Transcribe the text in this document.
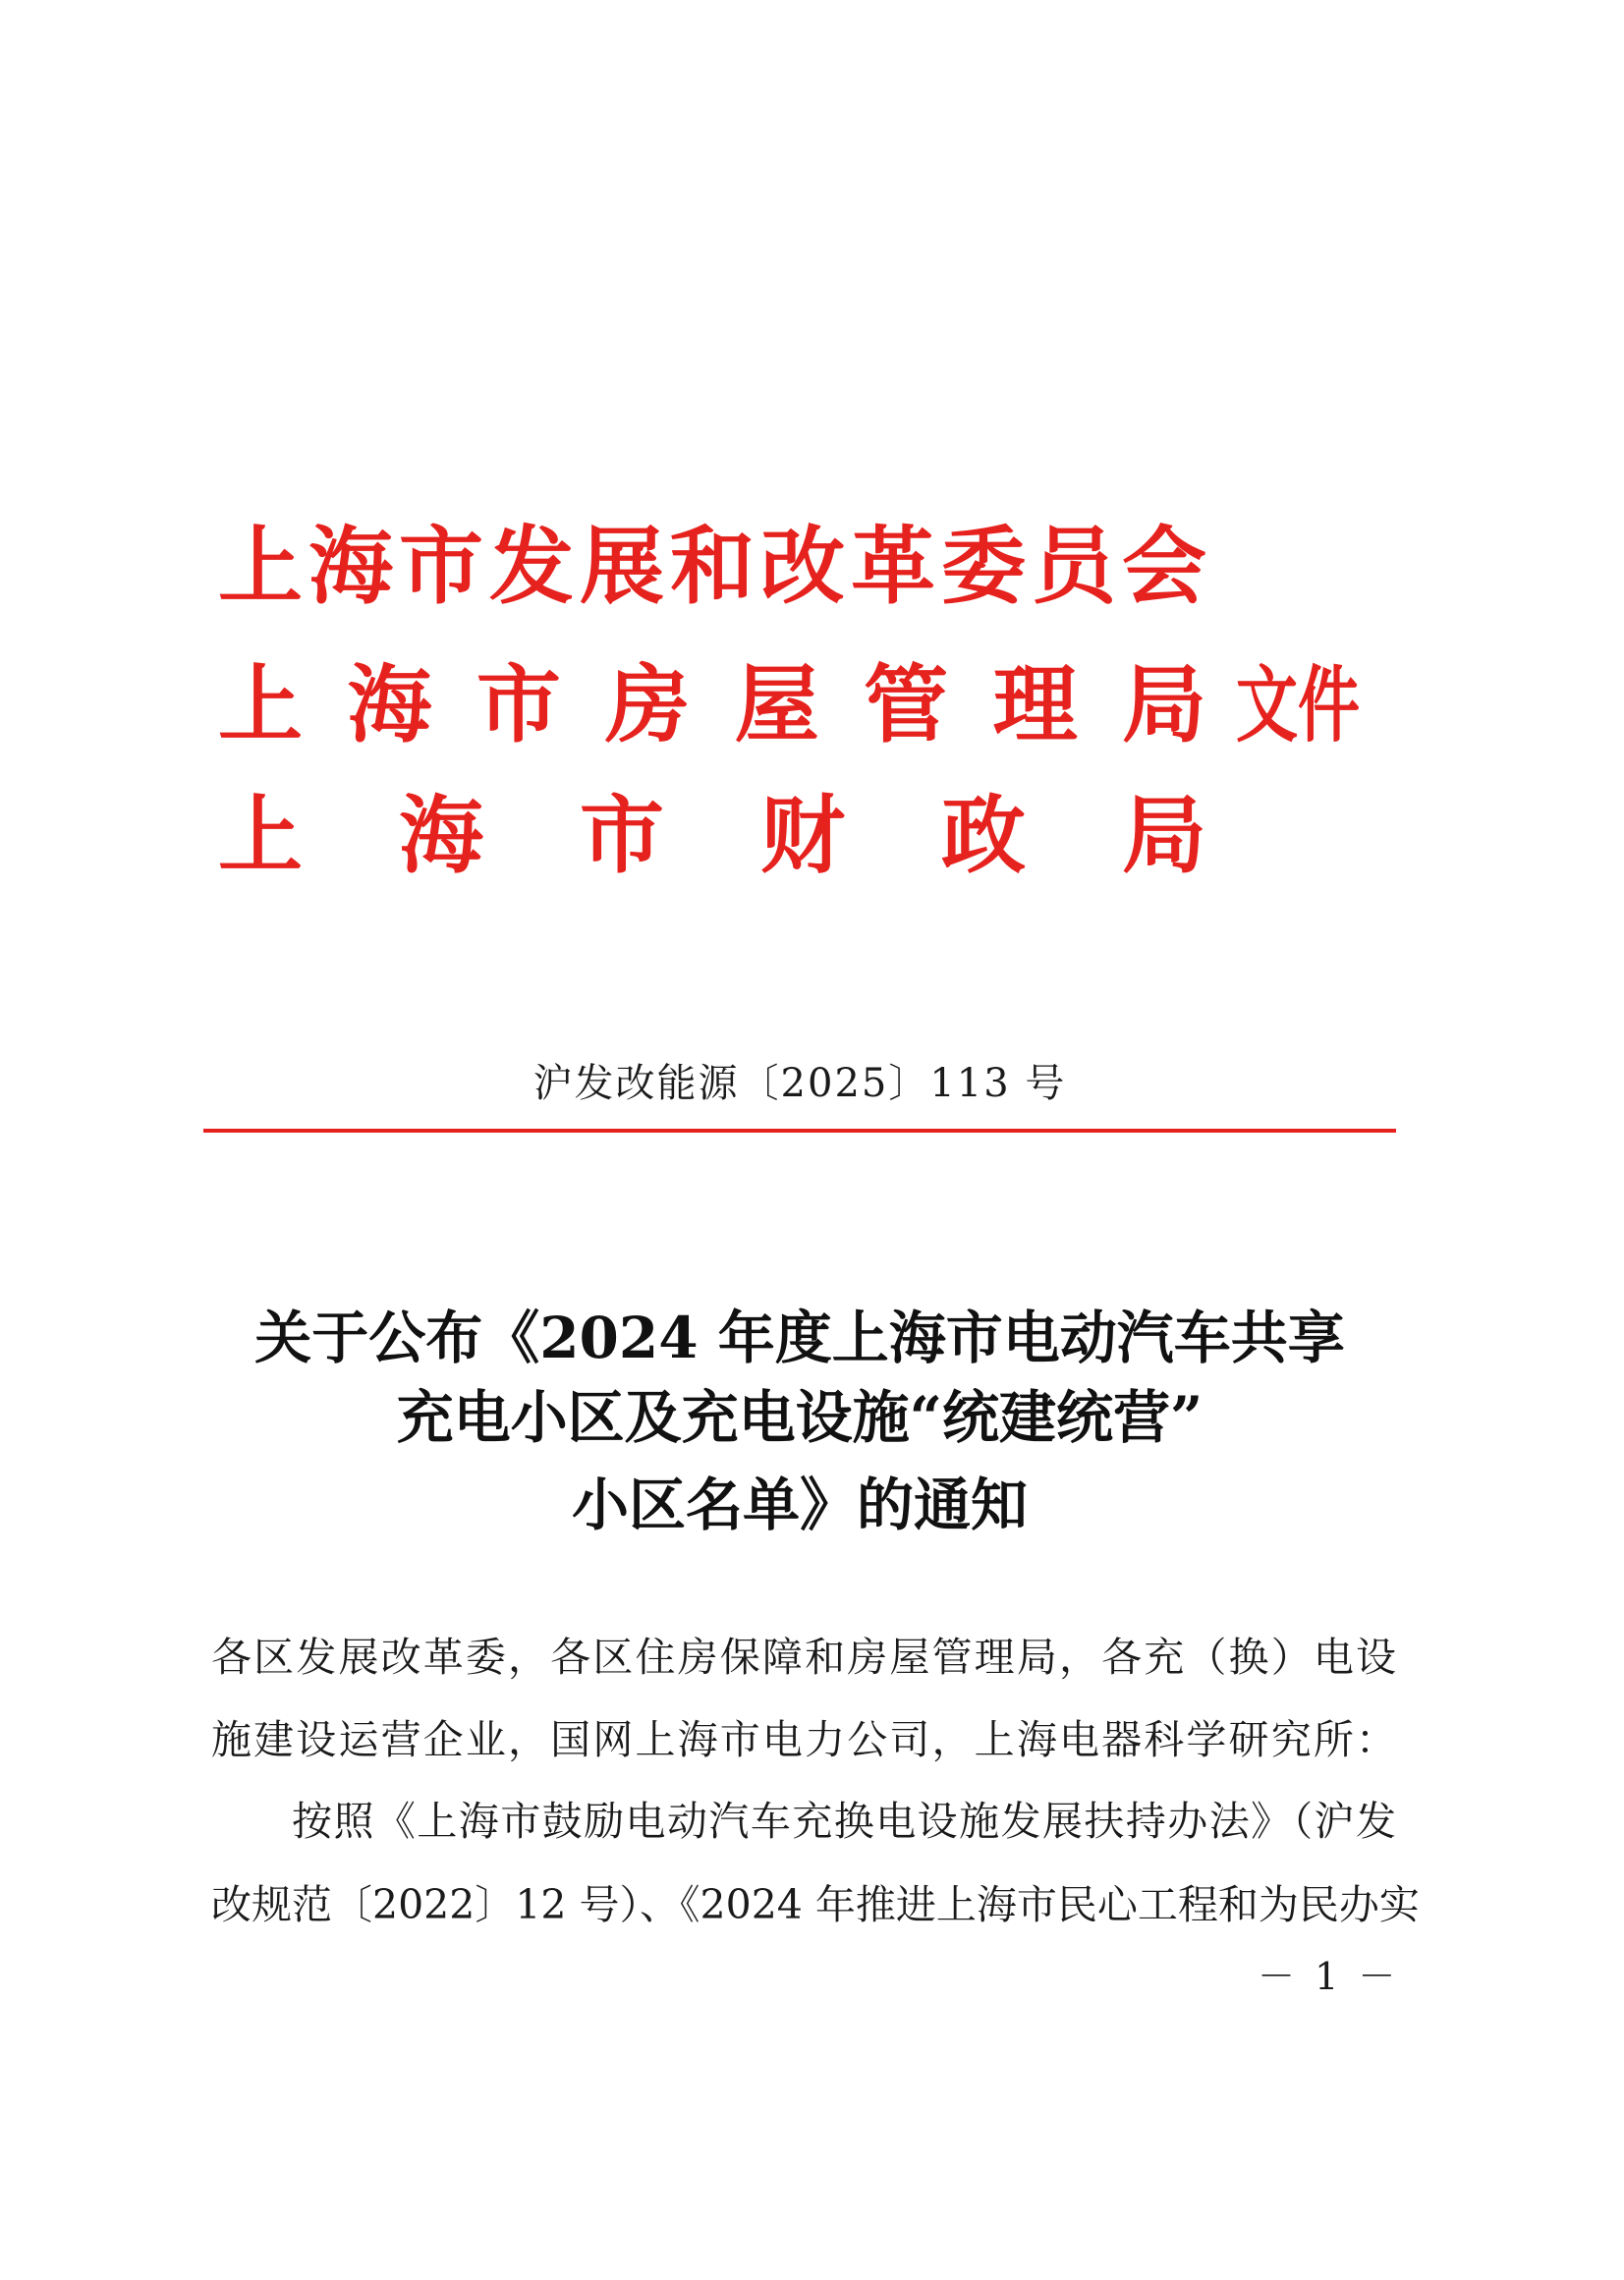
上海市发展和改革委员会
上海市房屋管理局 文件
上海市财政局
沪发改能源〔2025〕113 号
关于公布《2024 年度上海市电动汽车共享
充电小区及充电设施“统建统营”
小区名单》的通知
各区发展改革委，各区住房保障和房屋管理局，各充（换）电设
施建设运营企业，国网上海市电力公司，上海电器科学研究所：
按照《上海市鼓励电动汽车充换电设施发展扶持办法》（沪发
改规范〔2022〕12 号）、《2024 年推进上海市民心工程和为民办实
－ 1 －
